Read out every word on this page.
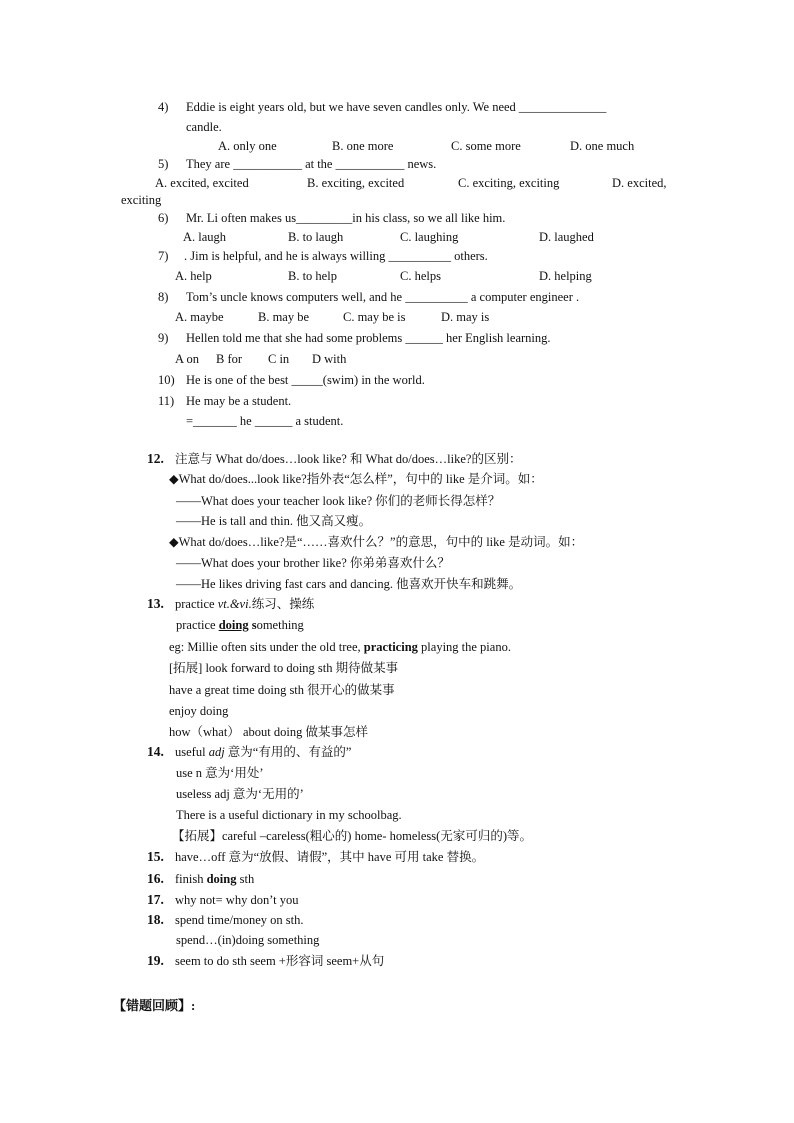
4) Eddie is eight years old, but we have seven candles only. We need ______________
candle.
A. only one	B. one more	C. some more	D. one much
5) They are ___________ at the ___________ news.
A. excited, excited	B. exciting, excited	C. exciting, exciting	D. excited,
exciting
6) Mr. Li often makes us_________in his class, so we all like him.
A. laugh	B. to laugh	C. laughing	D. laughed
7) . Jim is helpful, and he is always willing __________ others.
A. help	B. to help	C. helps	D. helping
8) Tom’s uncle knows computers well, and he __________ a computer engineer .
A. maybe	B. may be	C. may be is	D. may is
9) Hellen told me that she had some problems ______ her English learning.
A on B for C in D with
10) He is one of the best _____(swim) in the world.
11) He may be a student.
=_______ he ______ a student.
12. 注意与 What do/does…look like? 和 What do/does…like?的区别：
◆What do/does...look like?指外表“怎么样”，句中的 like 是介词。如：
——What does your teacher look like? 你们的老师长得怎样？
——He is tall and thin. 他又高又瘦。
◆What do/does…like?是“……喜欢什么？”的意思，句中的 like 是动词。如：
——What does your brother like? 你弟弟喜欢什么？
——He likes driving fast cars and dancing. 他喜欢开快车和跳舞。
13. practice vt.&vi.练习、操练
practice doing something
eg: Millie often sits under the old tree, practicing playing the piano.
[拓展] look forward to doing sth 期待做某事
have a great time doing sth 很开心的做某事
enjoy doing
how（what） about doing 做某事怎样
14. useful adj 意为“有用的、有益的”
use n 意为‘用处’
useless adj 意为‘无用的’
There is a useful dictionary in my schoolbag.
【拓展】careful –careless(粗心的) home- homeless(无家可归的)等。
15. have…off 意为“放假、请假”，其中 have 可用 take 替换。
16. finish doing sth
17. why not= why don’t you
18. spend time/money on sth.
spend…(in)doing something
19. seem to do sth seem +形容词 seem+从句
【错题回顾】:
